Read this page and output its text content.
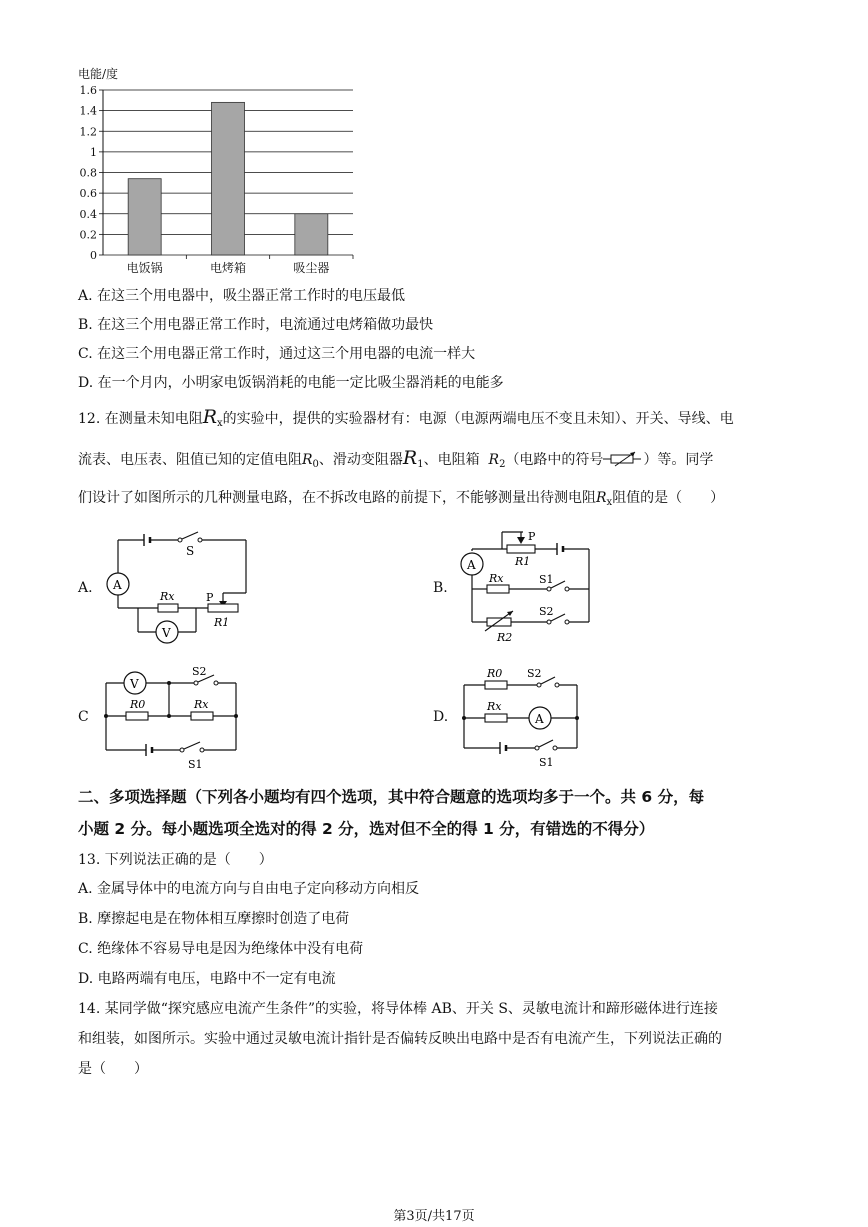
电能/度
0
0.2
0.4
0.6
0.8
1
1.2
1.4
1.6
电饭锅	电烤箱	吸尘器
A. 在这三个用电器中，吸尘器正常工作时的电压最低
B. 在这三个用电器正常工作时，电流通过电烤箱做功最快
C. 在这三个用电器正常工作时，通过这三个用电器的电流一样大
D. 在一个月内，小明家电饭锅消耗的电能一定比吸尘器消耗的电能多
12. 在测量未知电阻$R_x$的实验中，提供的实验器材有：电源（电源两端电压不变且未知）、开关、导线、电
流表、电压表、阻值已知的定值电阻$R_0$、滑动变阻器$R_1$、电阻箱 $R_2$（电路中的符号	）等。同学
们设计了如图所示的几种测量电路，在不拆改电路的前提下，不能够测量出待测电阻$R_x$阻值的是（　　）
A.
S
A
P
Rx
R1
V
B.
P
R1
A
Rx	S1
R2
S2
C
V
S2
R0	Rx
S1
D.
R0 S2
Rx
A
S1
二、多项选择题（下列各小题均有四个选项，其中符合题意的选项均多于一个。共 6 分，每
小题 2 分。每小题选项全选对的得 2 分，选对但不全的得 1 分，有错选的不得分）
13. 下列说法正确的是（　　）
A. 金属导体中的电流方向与自由电子定向移动方向相反
B. 摩擦起电是在物体相互摩擦时创造了电荷
C. 绝缘体不容易导电是因为绝缘体中没有电荷
D. 电路两端有电压，电路中不一定有电流
14. 某同学做“探究感应电流产生条件”的实验，将导体棒 AB、开关 S、灵敏电流计和蹄形磁体进行连接
和组装，如图所示。实验中通过灵敏电流计指针是否偏转反映出电路中是否有电流产生，下列说法正确的
是（　　）
第3页/共17页
